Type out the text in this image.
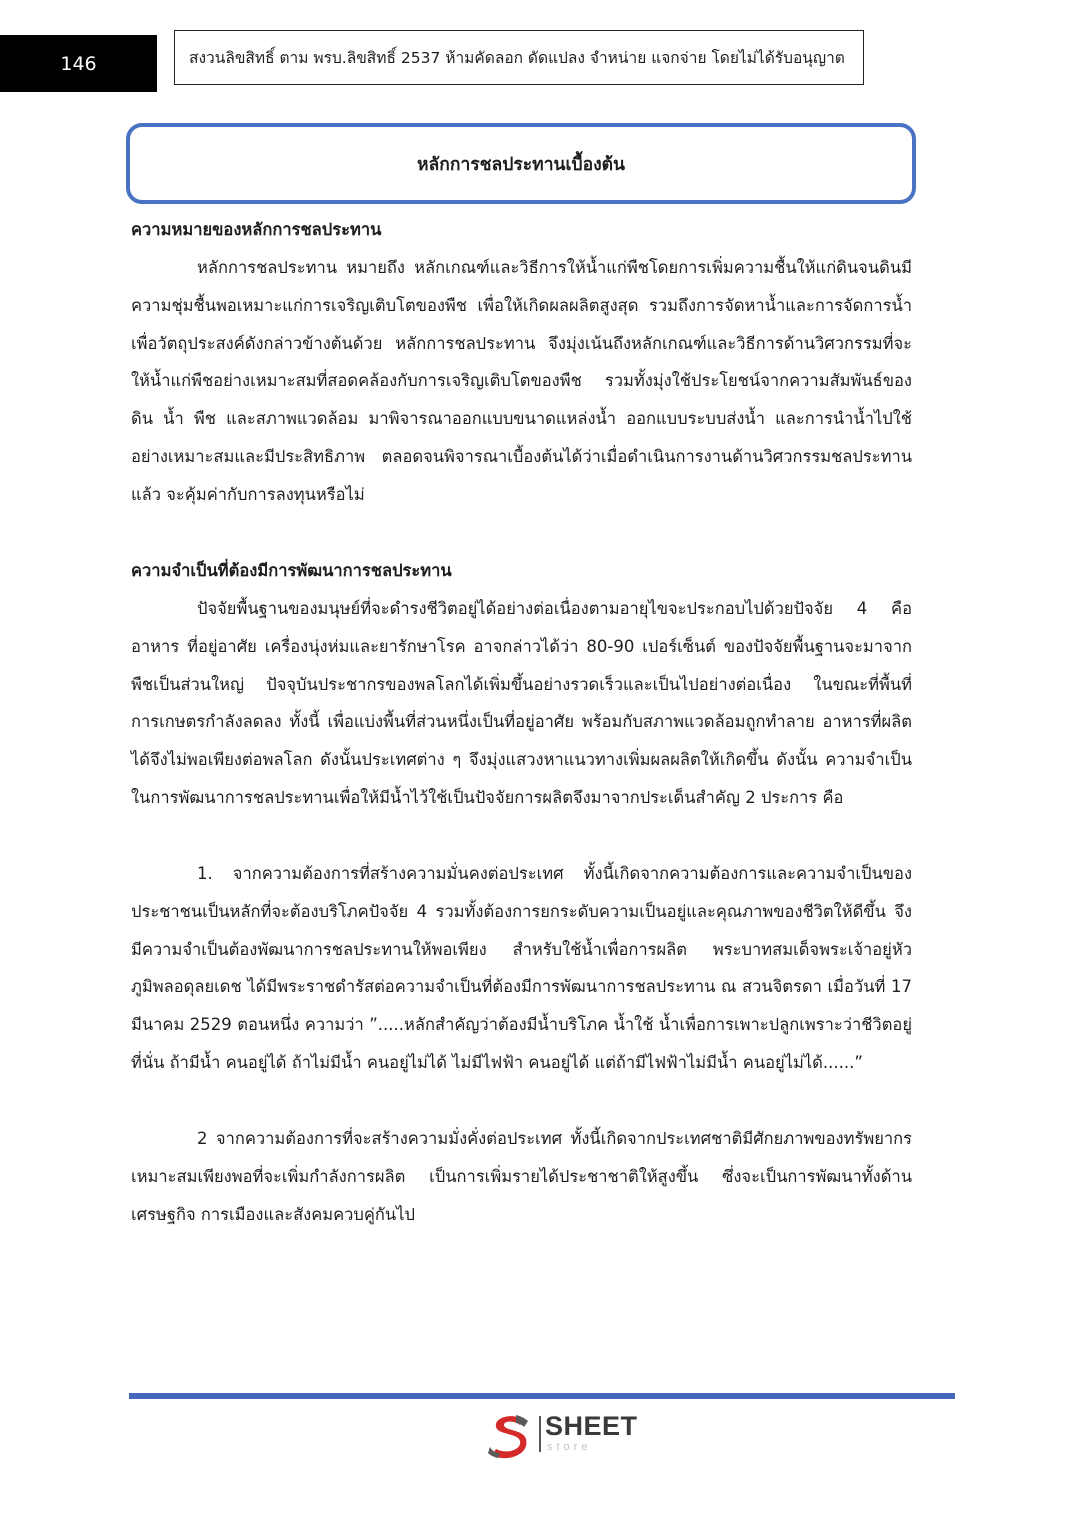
146	สงวนลิขสิทธิ์ ตาม พรบ.ลิขสิทธิ์ 2537 ห้ามคัดลอก ดัดแปลง จำหน่าย แจกจ่าย โดยไม่ได้รับอนุญาต
หลักการชลประทานเบื้องต้น
ความหมายของหลักการชลประทาน

หลักการชลประทาน หมายถึง หลักเกณฑ์และวิธีการให้น้ำแก่พืชโดยการเพิ่มความชื้นให้แก่ดินจนดินมีความชุ่มชื้นพอเหมาะแก่การเจริญเติบโตของพืช เพื่อให้เกิดผลผลิตสูงสุด รวมถึงการจัดหาน้ำและการจัดการน้ำเพื่อวัตถุประสงค์ดังกล่าวข้างต้นด้วย หลักการชลประทาน จึงมุ่งเน้นถึงหลักเกณฑ์และวิธีการด้านวิศวกรรมที่จะให้น้ำแก่พืชอย่างเหมาะสมที่สอดคล้องกับการเจริญเติบโตของพืช รวมทั้งมุ่งใช้ประโยชน์จากความสัมพันธ์ของดิน น้ำ พืช และสภาพแวดล้อม มาพิจารณาออกแบบขนาดแหล่งน้ำ ออกแบบระบบส่งน้ำ และการนำน้ำไปใช้อย่างเหมาะสมและมีประสิทธิภาพ ตลอดจนพิจารณาเบื้องต้นได้ว่าเมื่อดำเนินการงานด้านวิศวกรรมชลประทานแล้ว จะคุ้มค่ากับการลงทุนหรือไม่

ความจำเป็นที่ต้องมีการพัฒนาการชลประทาน

ปัจจัยพื้นฐานของมนุษย์ที่จะดำรงชีวิตอยู่ได้อย่างต่อเนื่องตามอายุไขจะประกอบไปด้วยปัจจัย 4 คือ อาหาร ที่อยู่อาศัย เครื่องนุ่งห่มและยารักษาโรค อาจกล่าวได้ว่า 80-90 เปอร์เซ็นต์ ของปัจจัยพื้นฐานจะมาจากพืชเป็นส่วนใหญ่ ปัจจุบันประชากรของพลโลกได้เพิ่มขึ้นอย่างรวดเร็วและเป็นไปอย่างต่อเนื่อง ในขณะที่พื้นที่การเกษตรกำลังลดลง ทั้งนี้ เพื่อแบ่งพื้นที่ส่วนหนึ่งเป็นที่อยู่อาศัย พร้อมกับสภาพแวดล้อมถูกทำลาย อาหารที่ผลิตได้จึงไม่พอเพียงต่อพลโลก ดังนั้นประเทศต่าง ๆ จึงมุ่งแสวงหาแนวทางเพิ่มผลผลิตให้เกิดขึ้น ดังนั้น ความจำเป็นในการพัฒนาการชลประทานเพื่อให้มีน้ำไว้ใช้เป็นปัจจัยการผลิตจึงมาจากประเด็นสำคัญ 2 ประการ คือ

1. จากความต้องการที่สร้างความมั่นคงต่อประเทศ ทั้งนี้เกิดจากความต้องการและความจำเป็นของประชาชนเป็นหลักที่จะต้องบริโภคปัจจัย 4 รวมทั้งต้องการยกระดับความเป็นอยู่และคุณภาพของชีวิตให้ดีขึ้น จึงมีความจำเป็นต้องพัฒนาการชลประทานให้พอเพียง สำหรับใช้น้ำเพื่อการผลิต พระบาทสมเด็จพระเจ้าอยู่หัวภูมิพลอดุลยเดช ได้มีพระราชดำรัสต่อความจำเป็นที่ต้องมีการพัฒนาการชลประทาน ณ สวนจิตรดา เมื่อวันที่ 17 มีนาคม 2529 ตอนหนึ่ง ความว่า ”.....หลักสำคัญว่าต้องมีน้ำบริโภค น้ำใช้ น้ำเพื่อการเพาะปลูกเพราะว่าชีวิตอยู่ที่นั่น ถ้ามีน้ำ คนอยู่ได้ ถ้าไม่มีน้ำ คนอยู่ไม่ได้ ไม่มีไฟฟ้า คนอยู่ได้ แต่ถ้ามีไฟฟ้าไม่มีน้ำ คนอยู่ไม่ได้......”

2 จากความต้องการที่จะสร้างความมั่งคั่งต่อประเทศ ทั้งนี้เกิดจากประเทศชาติมีศักยภาพของทรัพยากรเหมาะสมเพียงพอที่จะเพิ่มกำลังการผลิต เป็นการเพิ่มรายได้ประชาชาติให้สูงขึ้น ซึ่งจะเป็นการพัฒนาทั้งด้านเศรษฐกิจ การเมืองและสังคมควบคู่กันไป

SHEET
store
